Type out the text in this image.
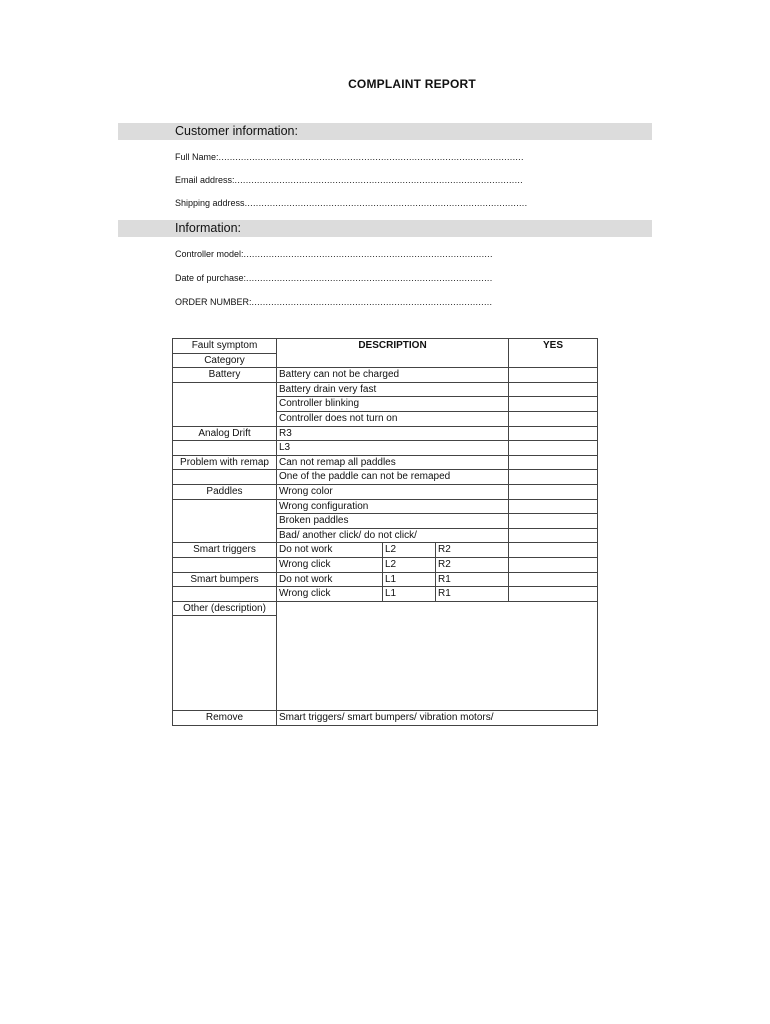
COMPLAINT REPORT
Customer information:
Full Name:.............................................................................................................
Email address:.......................................................................................................
Shipping address.....................................................................................................
Information:
Controller model:.........................................................................................
Date of purchase:........................................................................................
ORDER NUMBER:......................................................................................
Fault symptom	DESCRIPTION			YES
Category				
Battery	Battery can not be charged			
	Battery drain very fast			
	Controller blinking			
	Controller does not turn on			
Analog Drift	R3			
	L3			
Problem with remap	Can not remap all paddles			
	One of the paddle can not be remaped			
Paddles	Wrong color			
	Wrong configuration			
	Broken paddles			
	Bad/ another click/ do not click/			
Smart triggers	Do not work	L2	R2	
	Wrong click	L2	R2	
Smart bumpers	Do not work	L1	R1	
	Wrong click	L1	R1	
Other (description)				

Remove	Smart triggers/ smart bumpers/ vibration motors/			
